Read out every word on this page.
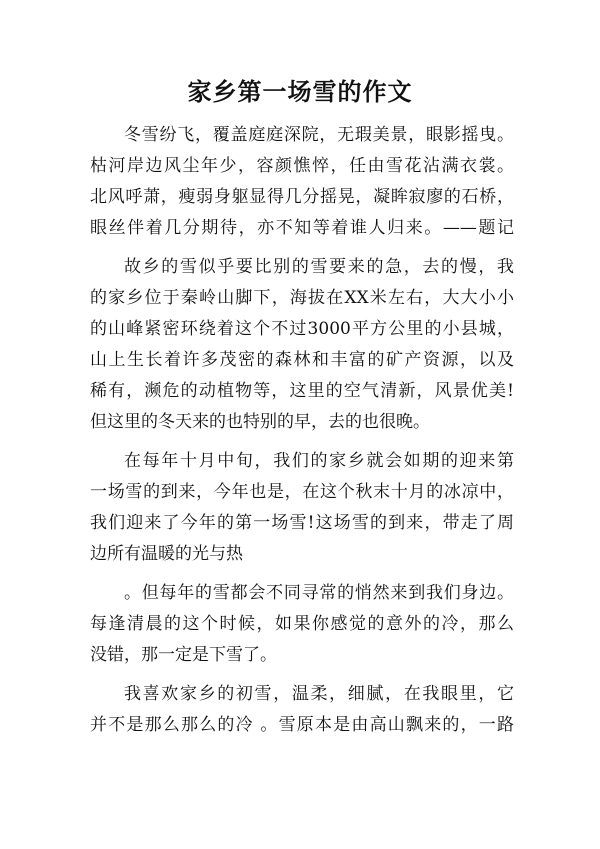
家乡第一场雪的作文

冬雪纷飞，覆盖庭庭深院，无瑕美景，眼影摇曳。
枯河岸边风尘年少，容颜憔悴，任由雪花沾满衣裳。
北风呼萧，瘦弱身躯显得几分摇晃，凝眸寂廖的石桥，
眼丝伴着几分期待，亦不知等着谁人归来。——题记

故乡的雪似乎要比别的雪要来的急，去的慢，我
的家乡位于秦岭山脚下，海拔在XX米左右，大大小小
的山峰紧密环绕着这个不过3000平方公里的小县城，
山上生长着许多茂密的森林和丰富的矿产资源，以及
稀有，濒危的动植物等，这里的空气清新，风景优美!
但这里的冬天来的也特别的早，去的也很晚。

在每年十月中旬，我们的家乡就会如期的迎来第
一场雪的到来，今年也是，在这个秋末十月的冰凉中，
我们迎来了今年的第一场雪!这场雪的到来，带走了周
边所有温暖的光与热

。但每年的雪都会不同寻常的悄然来到我们身边。
每逢清晨的这个时候，如果你感觉的意外的冷，那么
没错，那一定是下雪了。

我喜欢家乡的初雪，温柔，细腻，在我眼里，它
并不是那么那么的冷 。雪原本是由高山飘来的，一路
